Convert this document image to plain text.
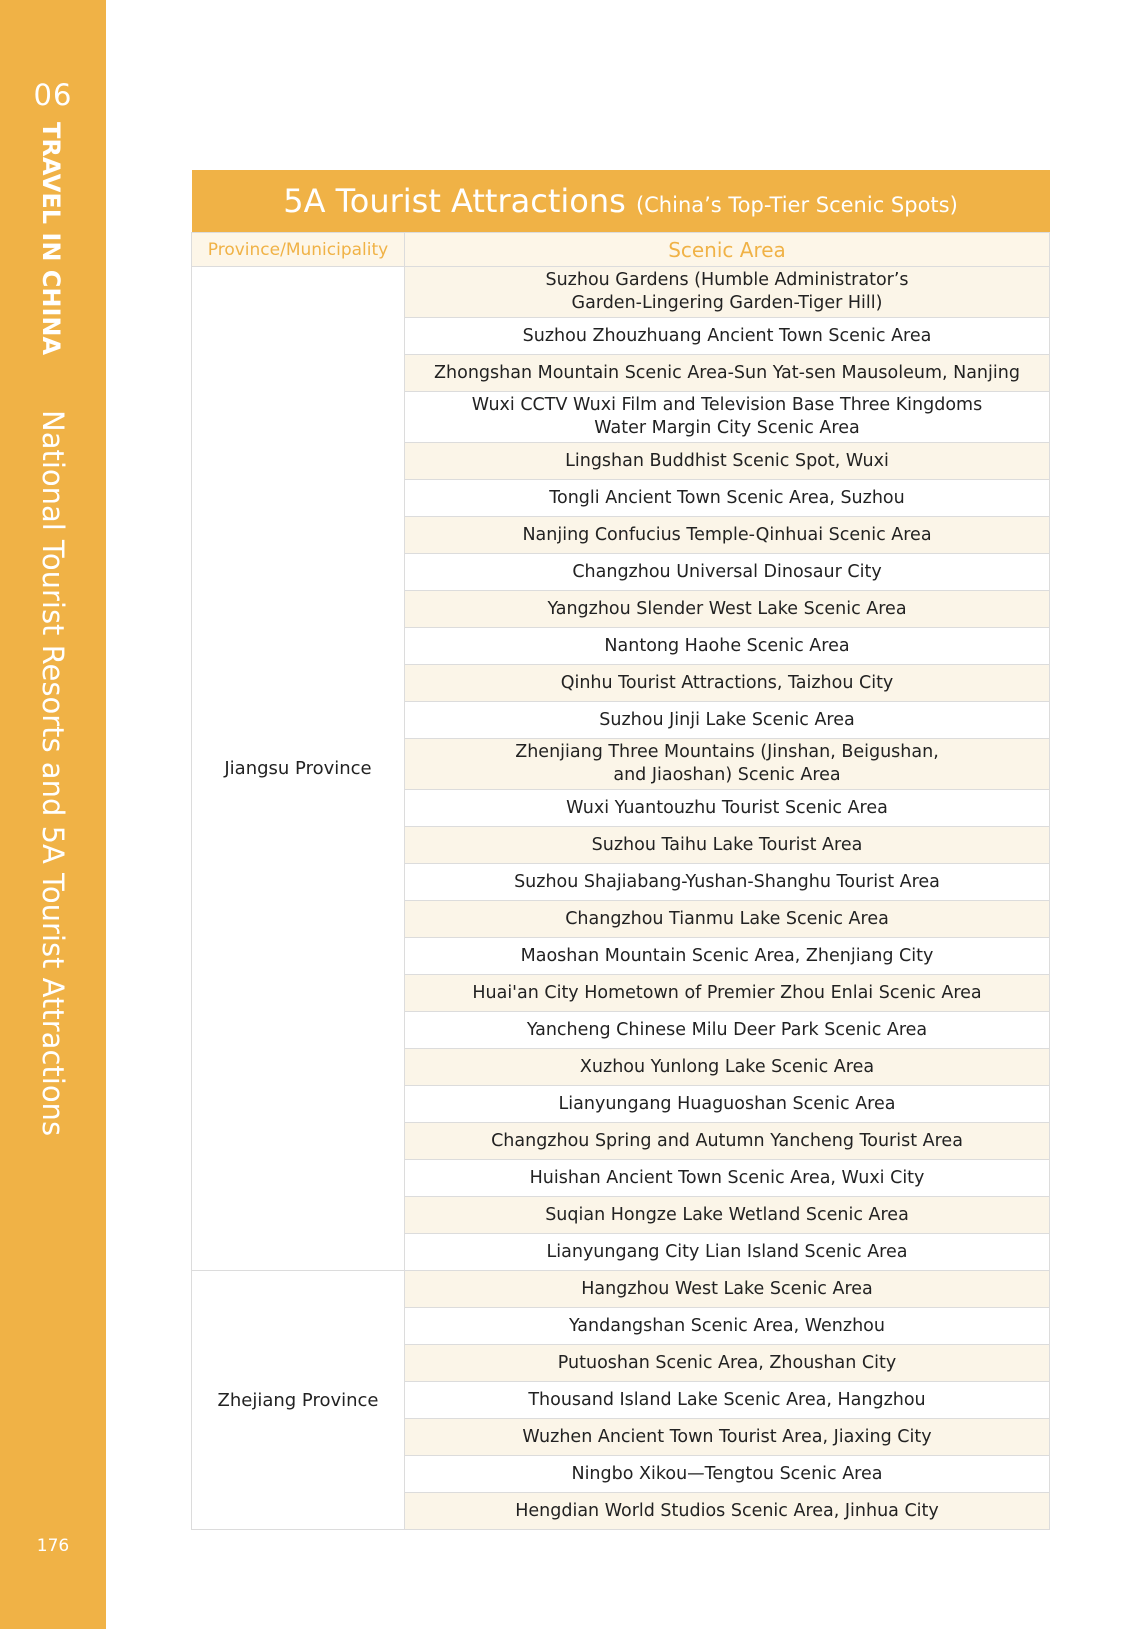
06
TRAVEL IN CHINA
National Tourist Resorts and 5A Tourist Attractions
176
5A Tourist Attractions (China’s Top-Tier Scenic Spots)	
Province/Municipality	Scenic Area
Jiangsu Province	Suzhou Gardens (Humble Administrator’s
Garden-Lingering Garden-Tiger Hill)

	Suzhou Zhouzhuang Ancient Town Scenic Area

	Zhongshan Mountain Scenic Area-Sun Yat-sen Mausoleum, Nanjing

	Wuxi CCTV Wuxi Film and Television Base Three Kingdoms
Water Margin City Scenic Area

	Lingshan Buddhist Scenic Spot, Wuxi

	Tongli Ancient Town Scenic Area, Suzhou

	Nanjing Confucius Temple-Qinhuai Scenic Area

	Changzhou Universal Dinosaur City

	Yangzhou Slender West Lake Scenic Area

	Nantong Haohe Scenic Area

	Qinhu Tourist Attractions, Taizhou City

	Suzhou Jinji Lake Scenic Area

	Zhenjiang Three Mountains (Jinshan, Beigushan,
and Jiaoshan) Scenic Area

	Wuxi Yuantouzhu Tourist Scenic Area

	Suzhou Taihu Lake Tourist Area

	Suzhou Shajiabang-Yushan-Shanghu Tourist Area

	Changzhou Tianmu Lake Scenic Area

	Maoshan Mountain Scenic Area, Zhenjiang City

	Huai'an City Hometown of Premier Zhou Enlai Scenic Area

	Yancheng Chinese Milu Deer Park Scenic Area

	Xuzhou Yunlong Lake Scenic Area

	Lianyungang Huaguoshan Scenic Area

	Changzhou Spring and Autumn Yancheng Tourist Area

	Huishan Ancient Town Scenic Area, Wuxi City

	Suqian Hongze Lake Wetland Scenic Area

	Lianyungang City Lian Island Scenic Area

Zhejiang Province	Hangzhou West Lake Scenic Area

	Yandangshan Scenic Area, Wenzhou

	Putuoshan Scenic Area, Zhoushan City

	Thousand Island Lake Scenic Area, Hangzhou

	Wuzhen Ancient Town Tourist Area, Jiaxing City

	Ningbo Xikou—Tengtou Scenic Area

	Hengdian World Studios Scenic Area, Jinhua City
